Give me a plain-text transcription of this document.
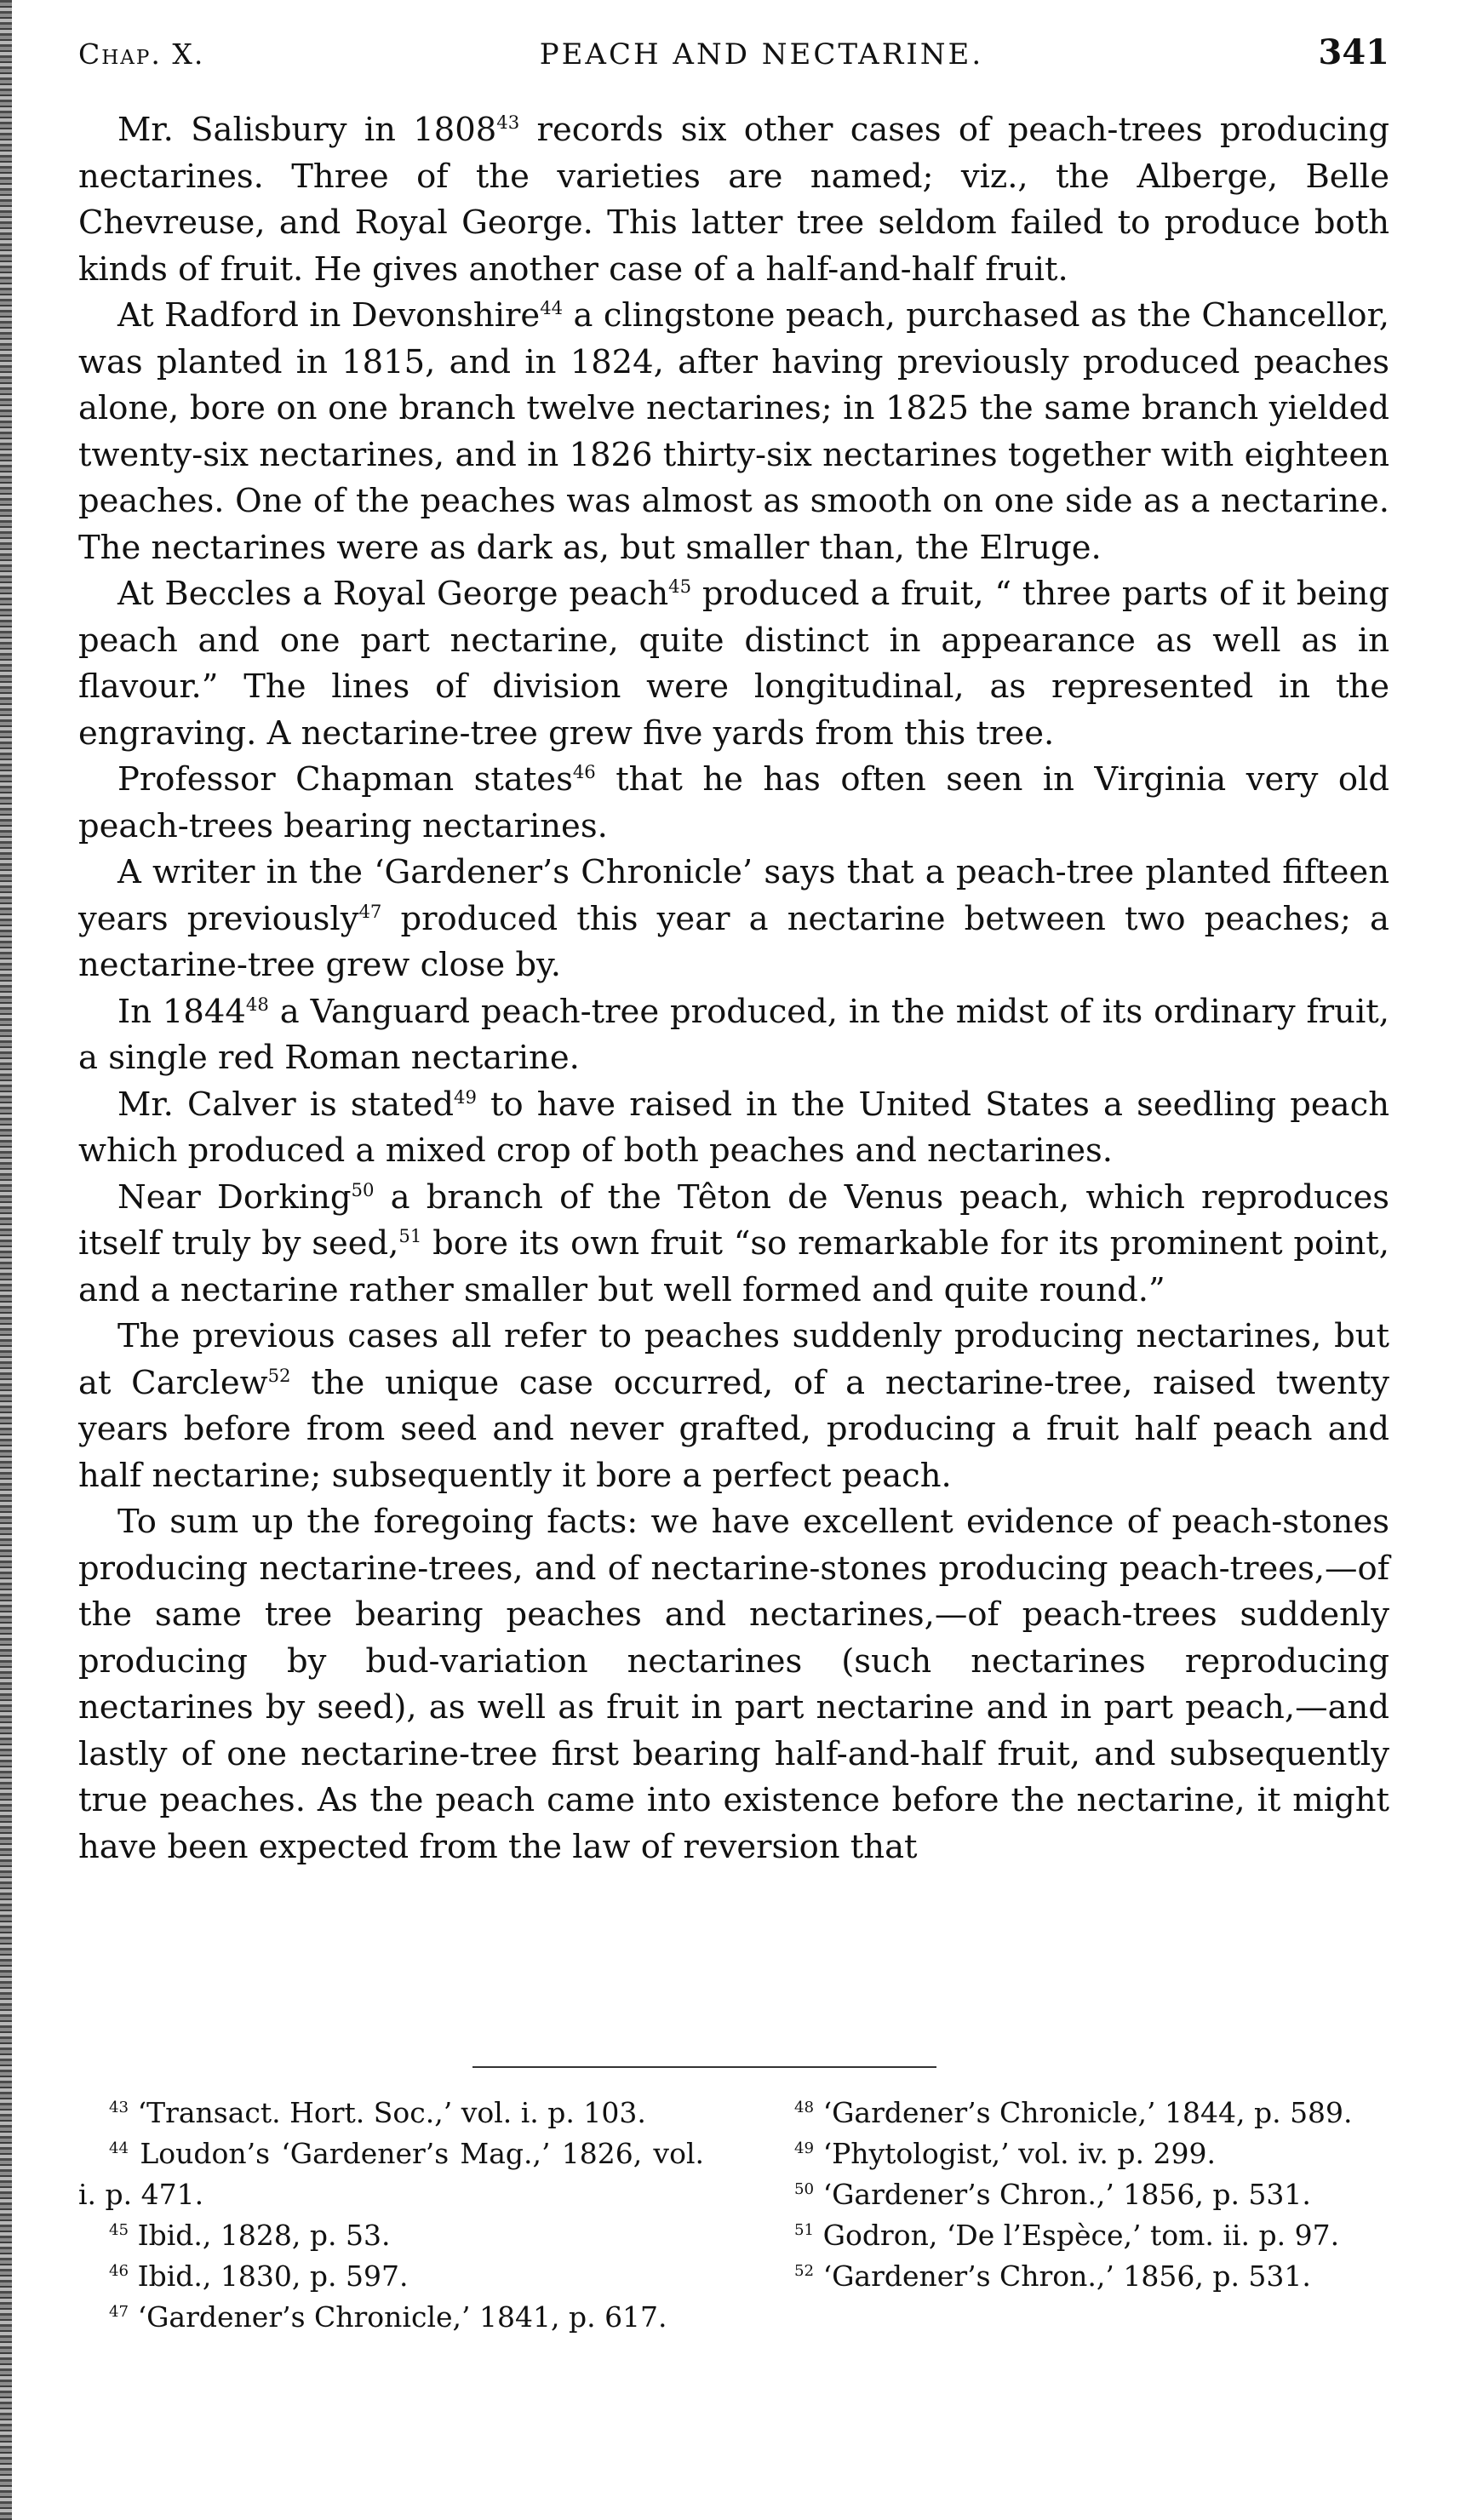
Chap. X.	PEACH AND NECTARINE.	341

Mr. Salisbury in 1808$^{43}$ records six other cases of peach-trees producing nectarines. Three of the varieties are named; viz., the Alberge, Belle Chevreuse, and Royal George. This latter tree seldom failed to produce both kinds of fruit. He gives another case of a half-and-half fruit.

At Radford in Devonshire$^{44}$ a clingstone peach, purchased as the Chancellor, was planted in 1815, and in 1824, after having previously produced peaches alone, bore on one branch twelve nectarines; in 1825 the same branch yielded twenty-six nectarines, and in 1826 thirty-six nectarines together with eighteen peaches. One of the peaches was almost as smooth on one side as a nectarine. The nectarines were as dark as, but smaller than, the Elruge.

At Beccles a Royal George peach$^{45}$ produced a fruit, “ three parts of it being peach and one part nectarine, quite distinct in appearance as well as in flavour.” The lines of division were longitudinal, as represented in the engraving. A nectarine-tree grew five yards from this tree.

Professor Chapman states$^{46}$ that he has often seen in Virginia very old peach-trees bearing nectarines.

A writer in the ‘Gardener’s Chronicle’ says that a peach-tree planted fifteen years previously$^{47}$ produced this year a nectarine between two peaches; a nectarine-tree grew close by.

In 1844$^{48}$ a Vanguard peach-tree produced, in the midst of its ordinary fruit, a single red Roman nectarine.

Mr. Calver is stated$^{49}$ to have raised in the United States a seedling peach which produced a mixed crop of both peaches and nectarines.

Near Dorking$^{50}$ a branch of the Têton de Venus peach, which reproduces itself truly by seed,$^{51}$ bore its own fruit “so remarkable for its prominent point, and a nectarine rather smaller but well formed and quite round.”

The previous cases all refer to peaches suddenly producing nectarines, but at Carclew$^{52}$ the unique case occurred, of a nectarine-tree, raised twenty years before from seed and never grafted, producing a fruit half peach and half nectarine; subsequently it bore a perfect peach.

To sum up the foregoing facts: we have excellent evidence of peach-stones producing nectarine-trees, and of nectarine-stones producing peach-trees,—of the same tree bearing peaches and nectarines,—of peach-trees suddenly producing by bud-variation nectarines (such nectarines reproducing nectarines by seed), as well as fruit in part nectarine and in part peach,—and lastly of one nectarine-tree first bearing half-and-half fruit, and subsequently true peaches. As the peach came into existence before the nectarine, it might have been expected from the law of reversion that

$^{43}$ ‘Transact. Hort. Soc.,’ vol. i. p. 103.

$^{44}$ Loudon’s ‘Gardener’s Mag.,’ 1826, vol. i. p. 471.

$^{45}$ Ibid., 1828, p. 53.

$^{46}$ Ibid., 1830, p. 597.

$^{47}$ ‘Gardener’s Chronicle,’ 1841, p. 617.

$^{48}$ ‘Gardener’s Chronicle,’ 1844, p. 589.

$^{49}$ ‘Phytologist,’ vol. iv. p. 299.

$^{50}$ ‘Gardener’s Chron.,’ 1856, p. 531.

$^{51}$ Godron, ‘De l’Espèce,’ tom. ii. p. 97.

$^{52}$ ‘Gardener’s Chron.,’ 1856, p. 531.
